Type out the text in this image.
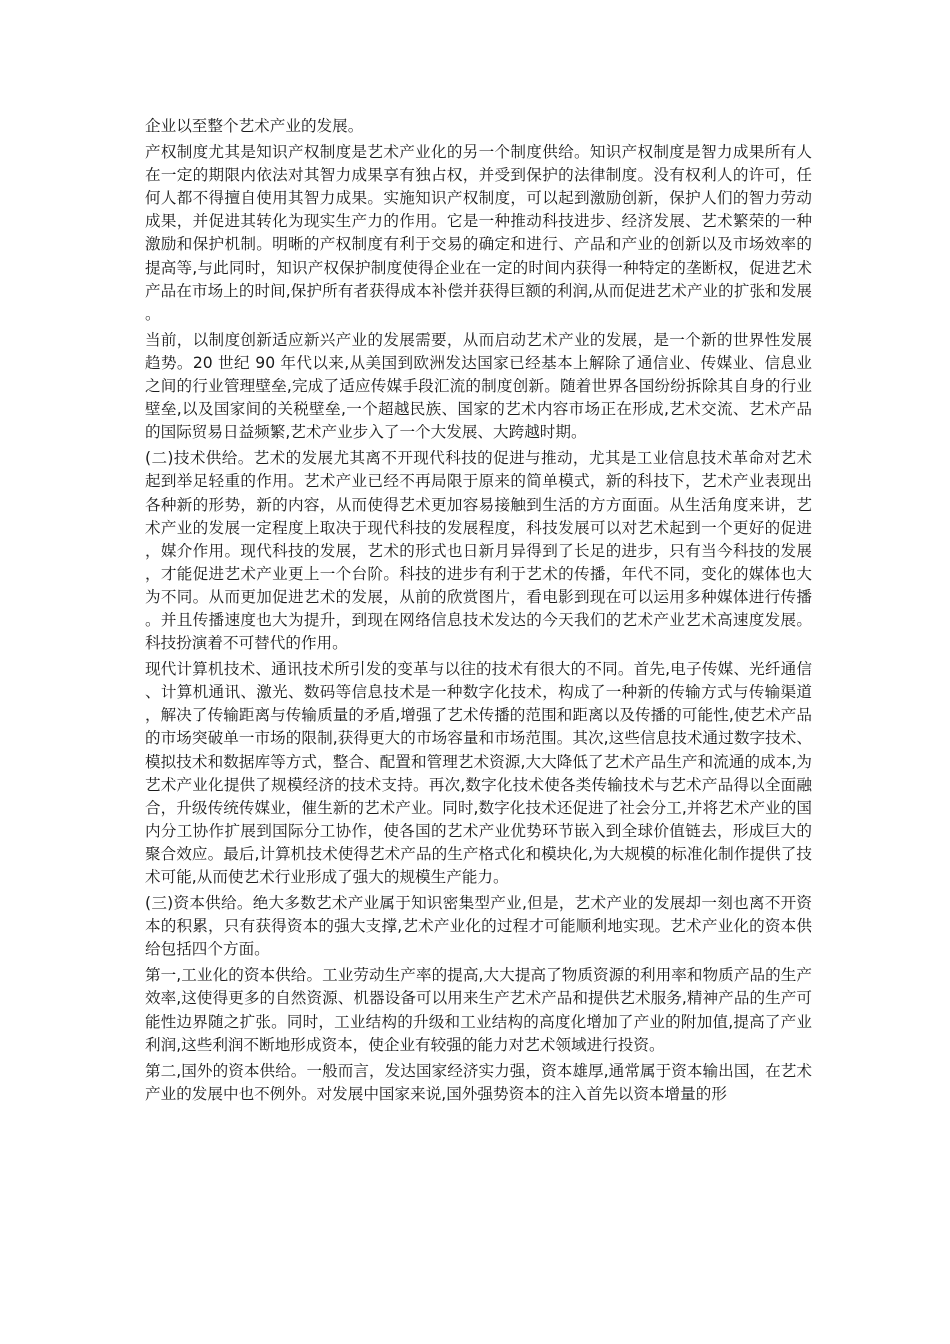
企业以至整个艺术产业的发展。

产权制度尤其是知识产权制度是艺术产业化的另一个制度供给。知识产权制度是智力成果所有人在一定的期限内依法对其智力成果享有独占权，并受到保护的法律制度。没有权利人的许可，任何人都不得擅自使用其智力成果。实施知识产权制度，可以起到激励创新，保护人们的智力劳动成果，并促进其转化为现实生产力的作用。它是一种推动科技进步、经济发展、艺术繁荣的一种激励和保护机制。明晰的产权制度有利于交易的确定和进行、产品和产业的创新以及市场效率的提高等,与此同时，知识产权保护制度使得企业在一定的时间内获得一种特定的垄断权，促进艺术产品在市场上的时间,保护所有者获得成本补偿并获得巨额的利润,从而促进艺术产业的扩张和发展。

当前，以制度创新适应新兴产业的发展需要，从而启动艺术产业的发展，是一个新的世界性发展趋势。20 世纪 90 年代以来,从美国到欧洲发达国家已经基本上解除了通信业、传媒业、信息业之间的行业管理壁垒,完成了适应传媒手段汇流的制度创新。随着世界各国纷纷拆除其自身的行业壁垒,以及国家间的关税壁垒,一个超越民族、国家的艺术内容市场正在形成,艺术交流、艺术产品的国际贸易日益频繁,艺术产业步入了一个大发展、大跨越时期。

(二)技术供给。艺术的发展尤其离不开现代科技的促进与推动，尤其是工业信息技术革命对艺术起到举足轻重的作用。艺术产业已经不再局限于原来的简单模式，新的科技下，艺术产业表现出各种新的形势，新的内容，从而使得艺术更加容易接触到生活的方方面面。从生活角度来讲，艺术产业的发展一定程度上取决于现代科技的发展程度，科技发展可以对艺术起到一个更好的促进，媒介作用。现代科技的发展，艺术的形式也日新月异得到了长足的进步，只有当今科技的发展，才能促进艺术产业更上一个台阶。科技的进步有利于艺术的传播，年代不同，变化的媒体也大为不同。从而更加促进艺术的发展，从前的欣赏图片，看电影到现在可以运用多种媒体进行传播。并且传播速度也大为提升，到现在网络信息技术发达的今天我们的艺术产业艺术高速度发展。科技扮演着不可替代的作用。

现代计算机技术、通讯技术所引发的变革与以往的技术有很大的不同。首先,电子传媒、光纤通信、计算机通讯、激光、数码等信息技术是一种数字化技术，构成了一种新的传输方式与传输渠道，解决了传输距离与传输质量的矛盾,增强了艺术传播的范围和距离以及传播的可能性,使艺术产品的市场突破单一市场的限制,获得更大的市场容量和市场范围。其次,这些信息技术通过数字技术、模拟技术和数据库等方式，整合、配置和管理艺术资源,大大降低了艺术产品生产和流通的成本,为艺术产业化提供了规模经济的技术支持。再次,数字化技术使各类传输技术与艺术产品得以全面融合，升级传统传媒业，催生新的艺术产业。同时,数字化技术还促进了社会分工,并将艺术产业的国内分工协作扩展到国际分工协作，使各国的艺术产业优势环节嵌入到全球价值链去，形成巨大的聚合效应。最后,计算机技术使得艺术产品的生产格式化和模块化,为大规模的标准化制作提供了技术可能,从而使艺术行业形成了强大的规模生产能力。

(三)资本供给。绝大多数艺术产业属于知识密集型产业,但是，艺术产业的发展却一刻也离不开资本的积累，只有获得资本的强大支撑,艺术产业化的过程才可能顺利地实现。艺术产业化的资本供给包括四个方面。

第一,工业化的资本供给。工业劳动生产率的提高,大大提高了物质资源的利用率和物质产品的生产效率,这使得更多的自然资源、机器设备可以用来生产艺术产品和提供艺术服务,精神产品的生产可能性边界随之扩张。同时，工业结构的升级和工业结构的高度化增加了产业的附加值,提高了产业利润,这些利润不断地形成资本，使企业有较强的能力对艺术领域进行投资。

第二,国外的资本供给。一般而言，发达国家经济实力强，资本雄厚,通常属于资本输出国，在艺术产业的发展中也不例外。对发展中国家来说,国外强势资本的注入首先以资本增量的形
